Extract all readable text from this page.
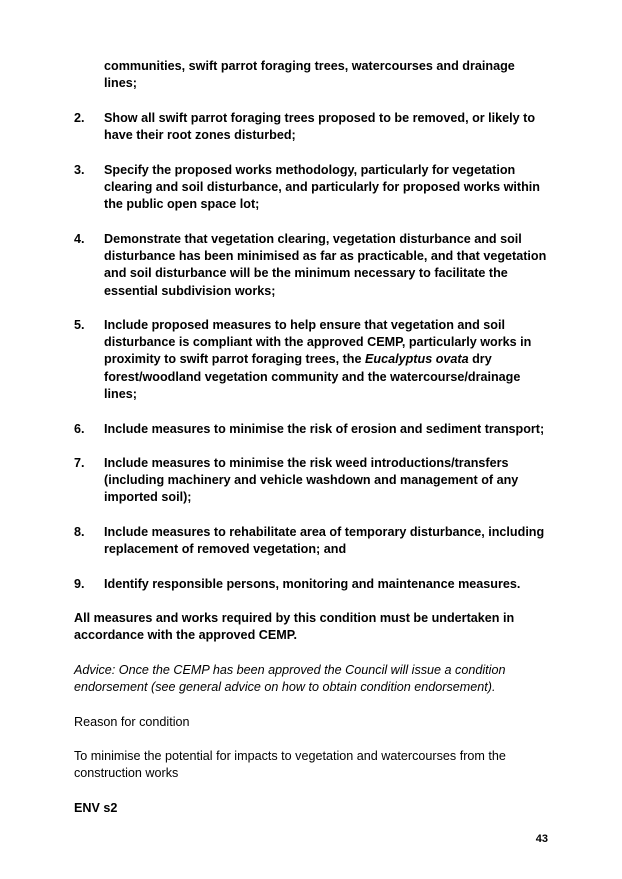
communities, swift parrot foraging trees, watercourses and drainage lines;
2.	Show all swift parrot foraging trees proposed to be removed, or likely to have their root zones disturbed;

3.	Specify the proposed works methodology, particularly for vegetation clearing and soil disturbance, and particularly for proposed works within the public open space lot;

4.	Demonstrate that vegetation clearing, vegetation disturbance and soil disturbance has been minimised as far as practicable, and that vegetation and soil disturbance will be the minimum necessary to facilitate the essential subdivision works;

5.	Include proposed measures to help ensure that vegetation and soil disturbance is compliant with the approved CEMP, particularly works in proximity to swift parrot foraging trees, the Eucalyptus ovata dry forest/woodland vegetation community and the watercourse/drainage lines;

6.	Include measures to minimise the risk of erosion and sediment transport;

7.	Include measures to minimise the risk weed introductions/transfers (including machinery and vehicle washdown and management of any imported soil);

8.	Include measures to rehabilitate area of temporary disturbance, including replacement of removed vegetation; and

9.	Identify responsible persons, monitoring and maintenance measures.

All measures and works required by this condition must be undertaken in accordance with the approved CEMP.

Advice: Once the CEMP has been approved the Council will issue a condition endorsement (see general advice on how to obtain condition endorsement).

Reason for condition

To minimise the potential for impacts to vegetation and watercourses from the construction works

ENV s2

43
